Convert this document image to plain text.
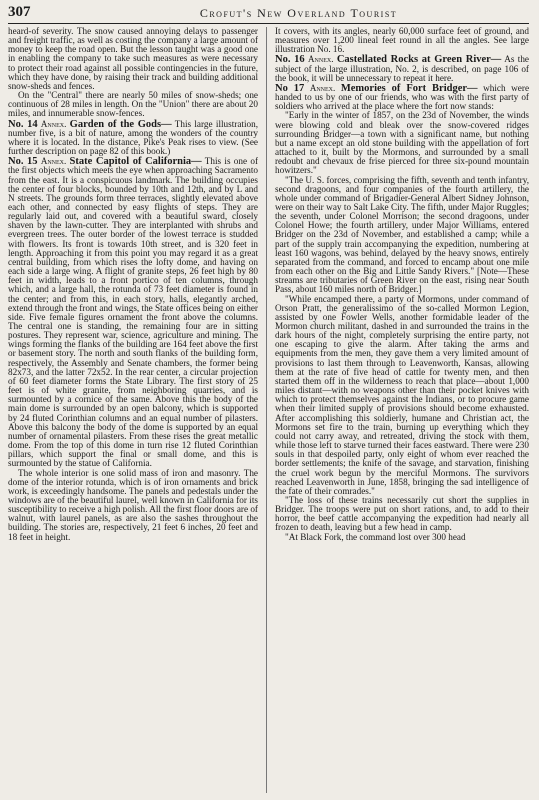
307	Crofut's New Overland Tourist

heard-of severity. The snow caused annoying delays to passenger and freight traffic, as well as costing the company a large amount of money to keep the road open. But the lesson taught was a good one in enabling the company to take such measures as were necessary to protect their road against all possible contingencies in the future, which they have done, by raising their track and building additional snow-sheds and fences.

On the "Central" there are nearly 50 miles of snow-sheds; one continuous of 28 miles in length. On the "Union" there are about 20 miles, and innumerable snow-fences.

No. 14 Annex. Garden of the Gods— This large illustration, number five, is a bit of nature, among the wonders of the country where it is located. In the distance, Pike's Peak rises to view. (See further description on page 82 of this book.)

No. 15 Annex. State Capitol of California— This is one of the first objects which meets the eye when approaching Sacramento from the east. It is a conspicuous landmark. The building occupies the center of four blocks, bounded by 10th and 12th, and by L and N streets. The grounds form three terraces, slightly elevated above each other, and connected by easy flights of steps. They are regularly laid out, and covered with a beautiful sward, closely shaven by the lawn-cutter. They are interplanted with shrubs and evergreen trees. The outer border of the lowest terrace is studded with flowers. Its front is towards 10th street, and is 320 feet in length. Approaching it from this point you may regard it as a great central building, from which rises the lofty dome, and having on each side a large wing. A flight of granite steps, 26 feet high by 80 feet in width, leads to a front portico of ten columns, through which, and a large hall, the rotunda of 73 feet diameter is found in the center; and from this, in each story, halls, elegantly arched, extend through the front and wings, the State offices being on either side. Five female figures ornament the front above the columns. The central one is standing, the remaining four are in sitting postures. They represent war, science, agriculture and mining. The wings forming the flanks of the building are 164 feet above the first or basement story. The north and south flanks of the building form, respectively, the Assembly and Senate chambers, the former being 82x73, and the latter 72x52. In the rear center, a circular projection of 60 feet diameter forms the State Library. The first story of 25 feet is of white granite, from neighboring quarries, and is surmounted by a cornice of the same. Above this the body of the main dome is surrounded by an open balcony, which is supported by 24 fluted Corinthian columns and an equal number of pilasters. Above this balcony the body of the dome is supported by an equal number of ornamental pilasters. From these rises the great metallic dome. From the top of this dome in turn rise 12 fluted Corinthian pillars, which support the final or small dome, and this is surmounted by the statue of California.

The whole interior is one solid mass of iron and masonry. The dome of the interior rotunda, which is of iron ornaments and brick work, is exceedingly handsome. The panels and pedestals under the windows are of the beautiful laurel, well known in California for its susceptibility to receive a high polish. All the first floor doors are of walnut, with laurel panels, as are also the sashes throughout the building. The stories are, respectively, 21 feet 6 inches, 20 feet and 18 feet in height.

It covers, with its angles, nearly 60,000 surface feet of ground, and measures over 1,200 lineal feet round in all the angles. See large illustration No. 16.

No. 16 Annex. Castellated Rocks at Green River— As the subject of the large illustration, No. 2, is described, on page 106 of the book, it will be unnecessary to repeat it here.

No 17 Annex. Memories of Fort Bridger— which were handed to us by one of our friends, who was with the first party of soldiers who arrived at the place where the fort now stands:

"Early in the winter of 1857, on the 23d of November, the winds were blowing cold and bleak over the snow-covered ridges surrounding Bridger—a town with a significant name, but nothing but a name except an old stone building with the appellation of fort attached to it, built by the Mormons, and surrounded by a small redoubt and chevaux de frise pierced for three six-pound mountain howitzers."

"The U. S. forces, comprising the fifth, seventh and tenth infantry, second dragoons, and four companies of the fourth artillery, the whole under command of Brigadier-General Albert Sidney Johnson, were on their way to Salt Lake City. The fifth, under Major Ruggles; the seventh, under Colonel Morrison; the second dragoons, under Colonel Howe; the fourth artillery, under Major Williams, entered Bridger on the 23d of November, and established a camp; while a part of the supply train accompanying the expedition, numbering at least 160 wagons, was behind, delayed by the heavy snows, entirely separated from the command, and forced to encamp about one mile from each other on the Big and Little Sandy Rivers." [Note—These streams are tributaries of Green River on the east, rising near South Pass, about 160 miles north of Bridger.]

"While encamped there, a party of Mormons, under command of Orson Pratt, the generalissimo of the so-called Mormon Legion, assisted by one Fowler Wells, another formidable leader of the Mormon church militant, dashed in and surrounded the trains in the dark hours of the night, completely surprising the entire party, not one escaping to give the alarm. After taking the arms and equipments from the men, they gave them a very limited amount of provisions to last them through to Leavenworth, Kansas, allowing them at the rate of five head of cattle for twenty men, and then started them off in the wilderness to reach that place—about 1,000 miles distant—with no weapons other than their pocket knives with which to protect themselves against the Indians, or to procure game when their limited supply of provisions should become exhausted. After accomplishing this soldierly, humane and Christian act, the Mormons set fire to the train, burning up everything which they could not carry away, and retreated, driving the stock with them, while those left to starve turned their faces eastward. There were 230 souls in that despoiled party, only eight of whom ever reached the border settlements; the knife of the savage, and starvation, finishing the cruel work begun by the merciful Mormons. The survivors reached Leavenworth in June, 1858, bringing the sad intelligence of the fate of their comrades."

"The loss of these trains necessarily cut short the supplies in Bridger. The troops were put on short rations, and, to add to their horror, the beef cattle accompanying the expedition had nearly all frozen to death, leaving but a few head in camp.

"At Black Fork, the command lost over 300 head
